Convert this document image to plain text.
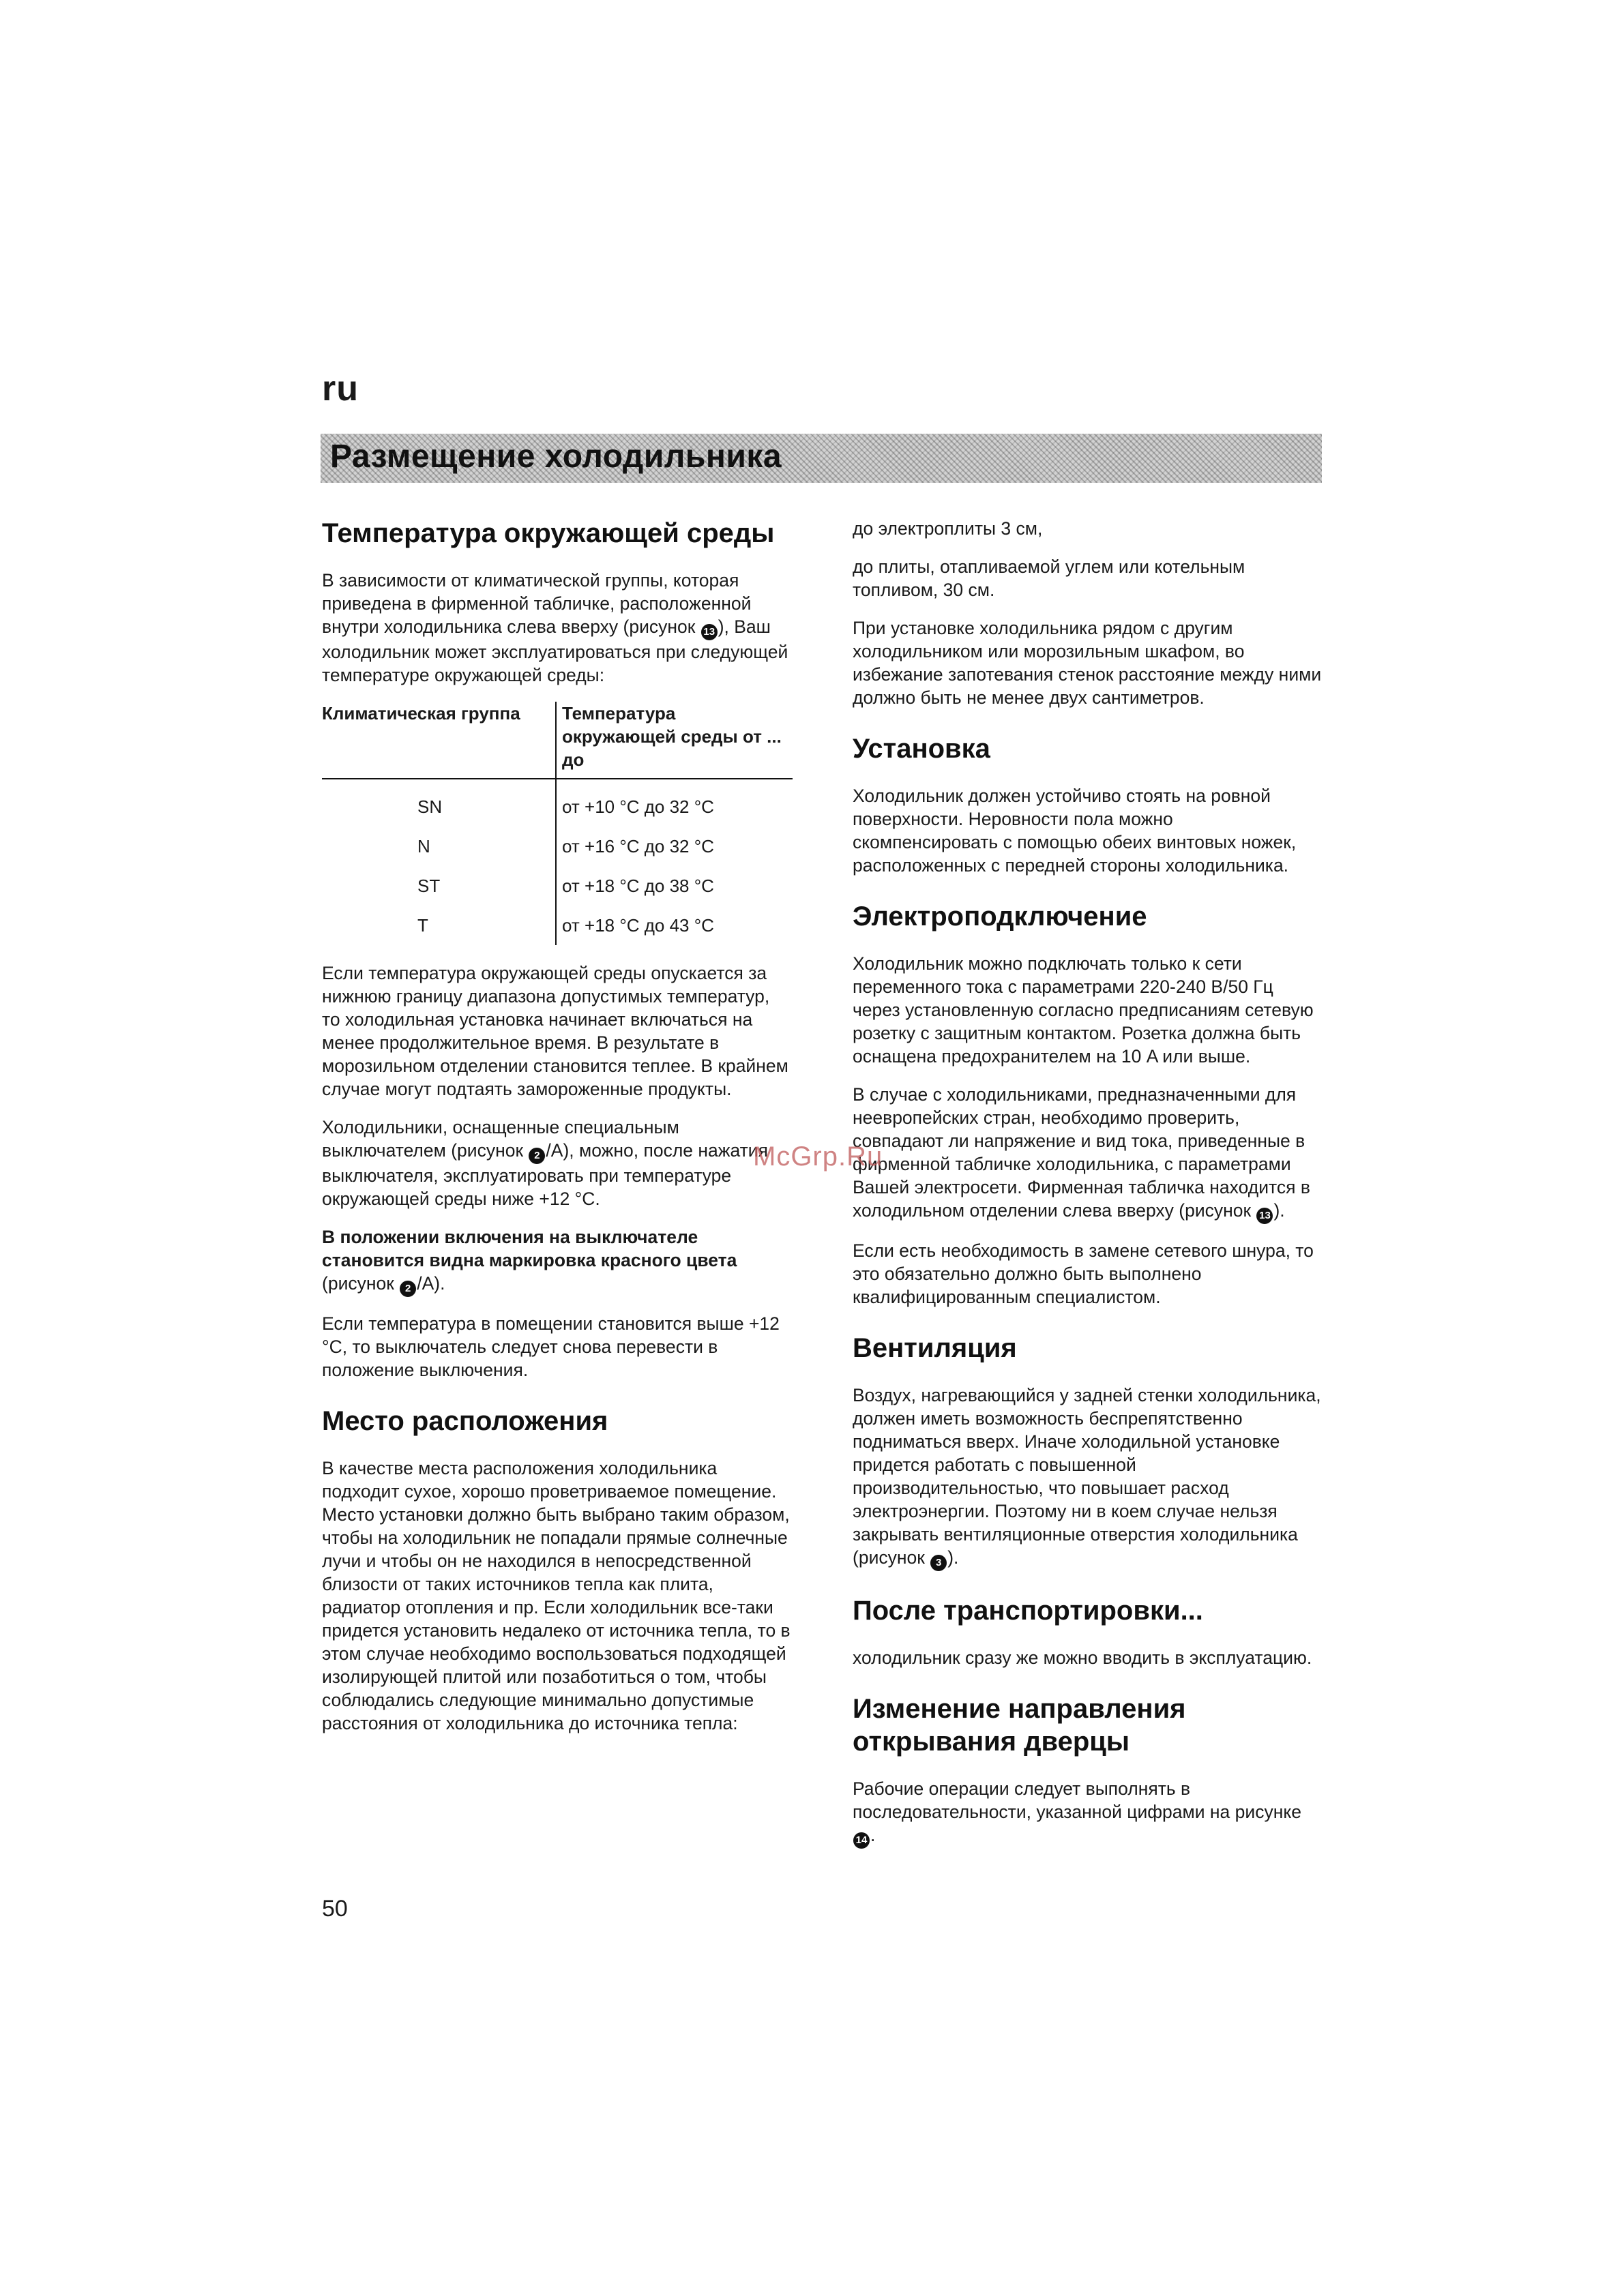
ru
Размещение холодильника
Температура окружающей среды

В зависимости от климатической группы, которая приведена в фирменной табличке, расположенной внутри холодильника слева вверху (рисунок 13 ), Ваш холодильник может эксплуатироваться при следующей температуре окружающей среды:

Климатическая группа	Температура окружающей среды от ... до
SN	от +10 °C до 32 °C
N	от +16 °C до 32 °C
ST	от +18 °C до 38 °C
T	от +18 °C до 43 °C

Если температура окружающей среды опускается за нижнюю границу диапазона допустимых температур, то холодильная установка начинает включаться на менее продолжительное время. В результате в морозильном отделении становится теплее. В крайнем случае могут подтаять замороженные продукты.

Холодильники, оснащенные специальным выключателем (рисунок 2 /A), можно, после нажатия выключателя, эксплуатировать при температуре окружающей среды ниже +12 °C.

В положении включения на выключателе становится видна маркировка красного цвета (рисунок 2 /A).

Если температура в помещении становится выше +12 °C, то выключатель следует снова перевести в положение выключения.

Место расположения

В качестве места расположения холодильника подходит сухое, хорошо проветриваемое помещение. Место установки должно быть выбрано таким образом, чтобы на холодильник не попадали прямые солнечные лучи и чтобы он не находился в непосредственной близости от таких источников тепла как плита, радиатор отопления и пр. Если холодильник все-таки придется установить недалеко от источника тепла, то в этом случае необходимо воспользоваться подходящей изолирующей плитой или позаботиться о том, чтобы соблюдались следующие минимально допустимые расстояния от холодильника до источника тепла:

до электроплиты 3 см,

до плиты, отапливаемой углем или котельным топливом, 30 см.

При установке холодильника рядом с другим холодильником или морозильным шкафом, во избежание запотевания стенок расстояние между ними должно быть не менее двух сантиметров.

Установка

Холодильник должен устойчиво стоять на ровной поверхности. Неровности пола можно скомпенсировать с помощью обеих винтовых ножек, расположенных с передней стороны холодильника.

Электроподключение

Холодильник можно подключать только к сети переменного тока с параметрами 220-240 В/50 Гц через установленную согласно предписаниям сетевую розетку с защитным контактом. Розетка должна быть оснащена предохранителем на 10 A или выше.

В случае с холодильниками, предназначенными для неевропейских стран, необходимо проверить, совпадают ли напряжение и вид тока, приведенные в фирменной табличке холодильника, с параметрами Вашей электросети. Фирменная табличка находится в холодильном отделении слева вверху (рисунок 13 ).

Если есть необходимость в замене сетевого шнура, то это обязательно должно быть выполнено квалифицированным специалистом.

Вентиляция

Воздух, нагревающийся у задней стенки холодильника, должен иметь возможность беспрепятственно подниматься вверх. Иначе холодильной установке придется работать с повышенной производительностью, что повышает расход электроэнергии. Поэтому ни в коем случае нельзя закрывать вентиляционные отверстия холодильника (рисунок 3 ).

После транспортировки...

холодильник сразу же можно вводить в эксплуатацию.

Изменение направления открывания дверцы

Рабочие операции следует выполнять в последовательности, указанной цифрами на рисунке 14 .

McGrp.Ru
50
